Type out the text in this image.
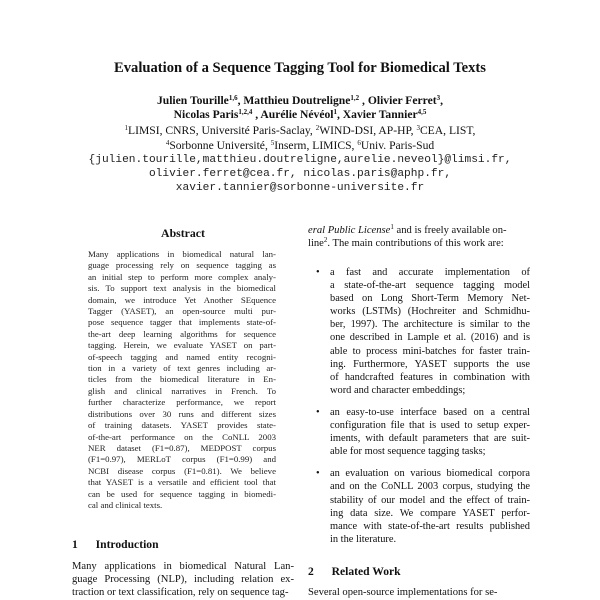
Evaluation of a Sequence Tagging Tool for Biomedical Texts
Julien Tourille$^{1,6}$, Matthieu Doutreligne$^{1,2}$ , Olivier Ferret$^3$,
Nicolas Paris$^{1,2,4}$ , Aurélie Névéol$^1$, Xavier Tannier$^{4,5}$
$^1$LIMSI, CNRS, Université Paris-Saclay, $^2$WIND-DSI, AP-HP, $^3$CEA, LIST,
$^4$Sorbonne Université, $^5$Inserm, LIMICS, $^6$Univ. Paris-Sud
{julien.tourille,matthieu.doutreligne,aurelie.neveol}@limsi.fr,
olivier.ferret@cea.fr, nicolas.paris@aphp.fr,
xavier.tannier@sorbonne-universite.fr
Abstract
Many applications in biomedical natural lan-
guage processing rely on sequence tagging as
an initial step to perform more complex analy-
sis. To support text analysis in the biomedical
domain, we introduce Yet Another SEquence
Tagger (YASET), an open-source multi pur-
pose sequence tagger that implements state-of-
the-art deep learning algorithms for sequence
tagging. Herein, we evaluate YASET on part-
of-speech tagging and named entity recogni-
tion in a variety of text genres including ar-
ticles from the biomedical literature in En-
glish and clinical narratives in French. To
further characterize performance, we report
distributions over 30 runs and different sizes
of training datasets. YASET provides state-
of-the-art performance on the CoNLL 2003
NER dataset (F1=0.87), MEDPOST corpus
(F1=0.97), MERLoT corpus (F1=0.99) and
NCBI disease corpus (F1=0.81). We believe
that YASET is a versatile and efficient tool that
can be used for sequence tagging in biomedi-
cal and clinical texts.
1 Introduction
Many applications in biomedical Natural Lan-
guage Processing (NLP), including relation ex-
traction or text classification, rely on sequence tag-
eral Public License$^1$ and is freely available on-
line$^2$. The main contributions of this work are:
• a fast and accurate implementation of
a state-of-the-art sequence tagging model
based on Long Short-Term Memory Net-
works (LSTMs) (Hochreiter and Schmidhu-
ber, 1997). The architecture is similar to the
one described in Lample et al. (2016) and is
able to process mini-batches for faster train-
ing. Furthermore, YASET supports the use
of handcrafted features in combination with
word and character embeddings;
• an easy-to-use interface based on a central
configuration file that is used to setup exper-
iments, with default parameters that are suit-
able for most sequence tagging tasks;
• an evaluation on various biomedical corpora
and on the CoNLL 2003 corpus, studying the
stability of our model and the effect of train-
ing data size. We compare YASET perfor-
mance with state-of-the-art results published
in the literature.
2 Related Work
Several open-source implementations for se-
